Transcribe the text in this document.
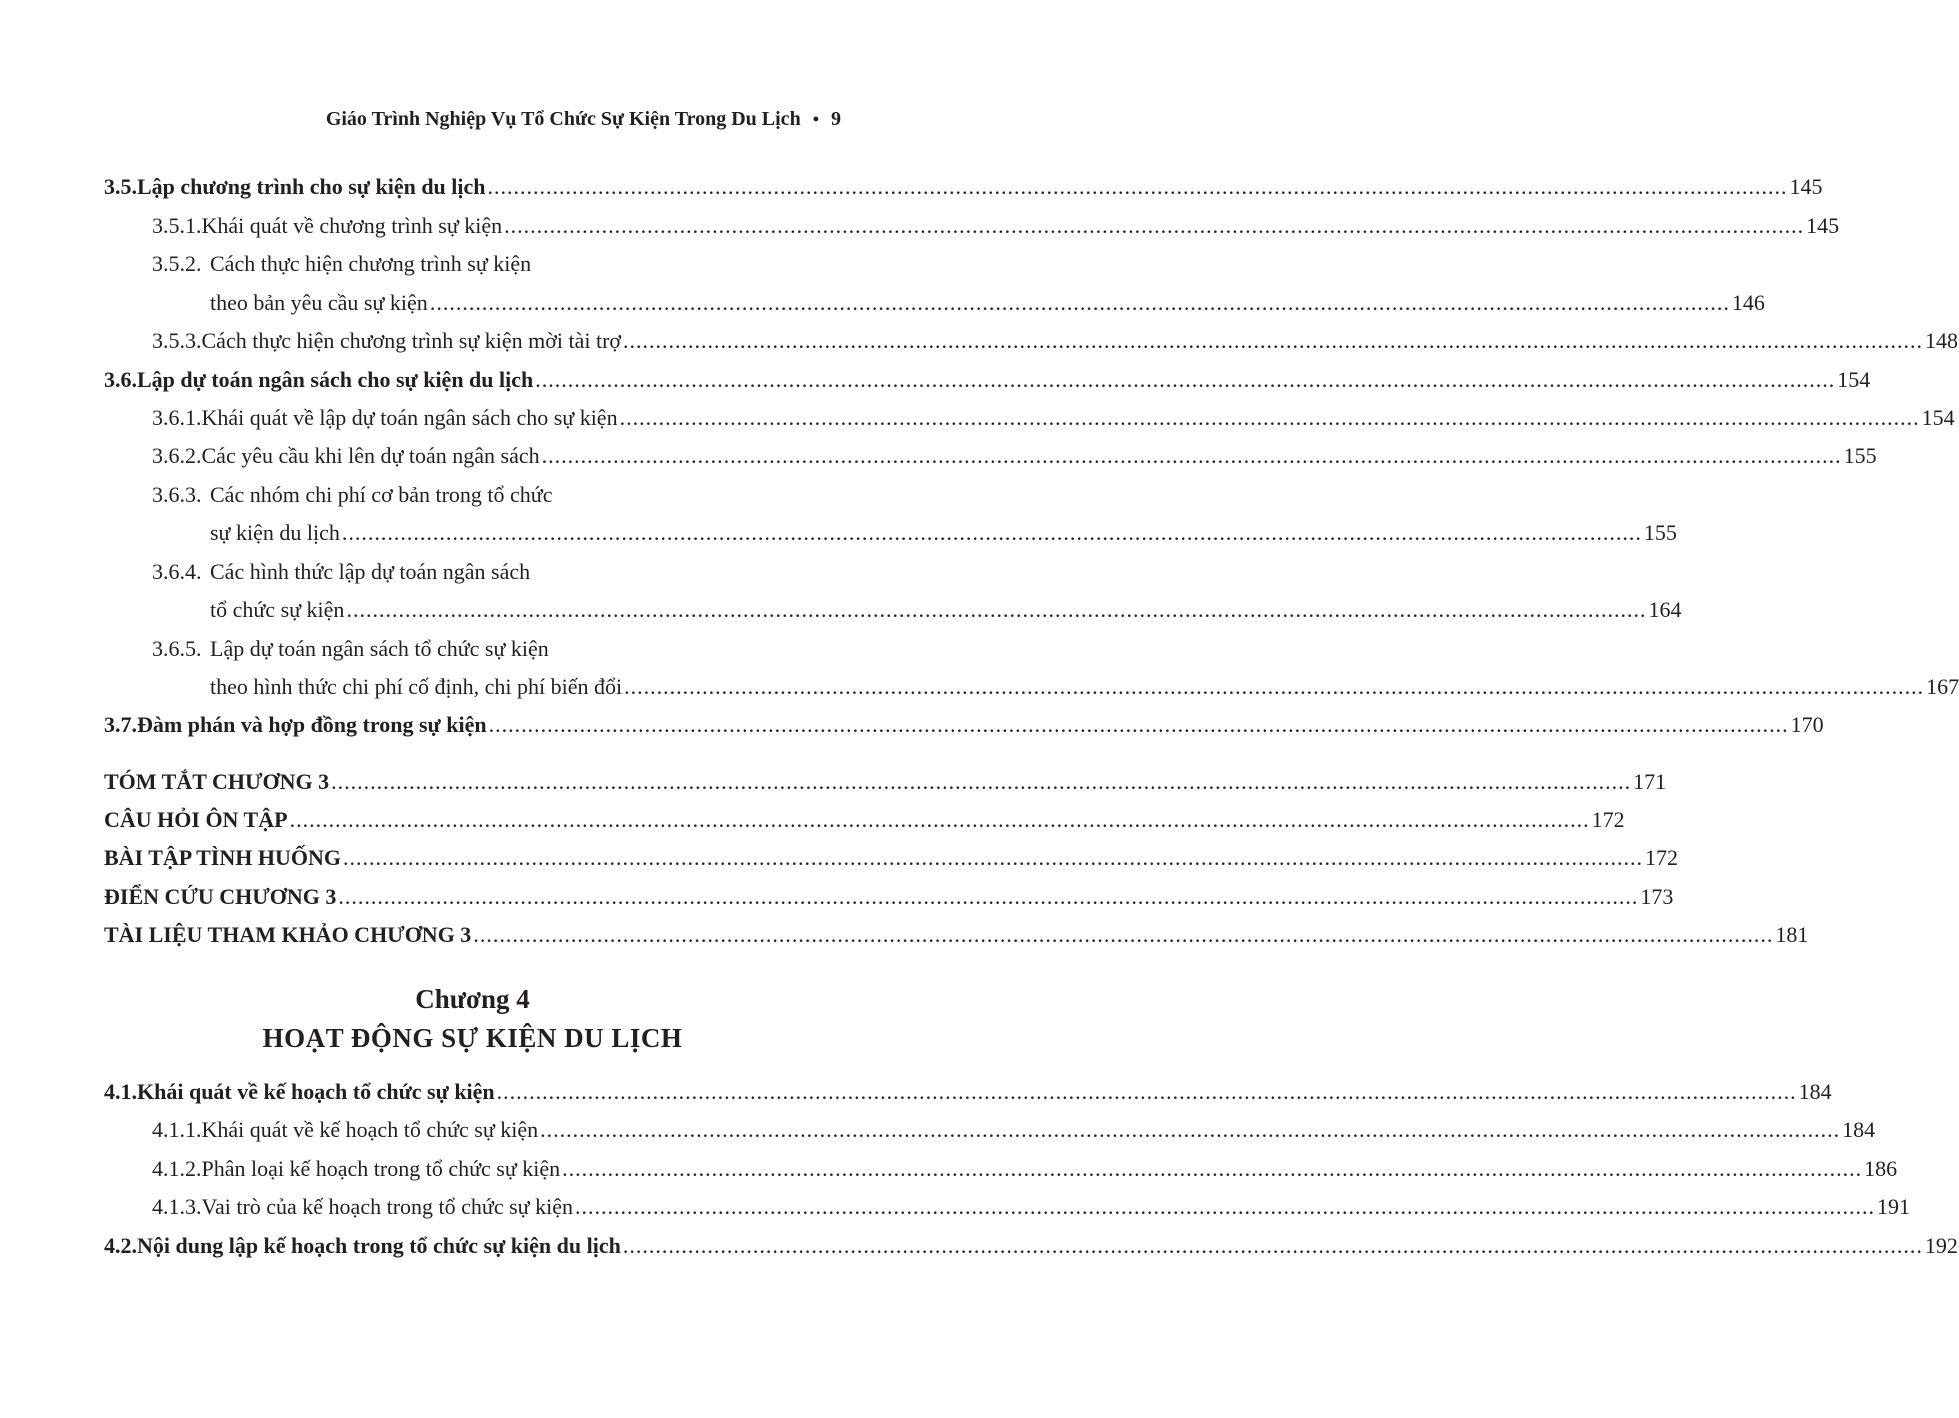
Giáo Trình Nghiệp Vụ Tổ Chức Sự Kiện Trong Du Lịch • 9
3.5. Lập chương trình cho sự kiện du lịch .....	145
3.5.1. Khái quát về chương trình sự kiện .....	145
3.5.2. Cách thực hiện chương trình sự kiện
theo bản yêu cầu sự kiện .....	146
3.5.3. Cách thực hiện chương trình sự kiện mời tài trợ .....	148
3.6. Lập dự toán ngân sách cho sự kiện du lịch .....	154
3.6.1. Khái quát về lập dự toán ngân sách cho sự kiện .....	154
3.6.2. Các yêu cầu khi lên dự toán ngân sách .....	155
3.6.3. Các nhóm chi phí cơ bản trong tổ chức
sự kiện du lịch .....	155
3.6.4. Các hình thức lập dự toán ngân sách
tổ chức sự kiện .....	164
3.6.5. Lập dự toán ngân sách tổ chức sự kiện
theo hình thức chi phí cố định, chi phí biến đổi .....	167
3.7. Đàm phán và hợp đồng trong sự kiện .....	170
TÓM TẮT CHƯƠNG 3 .....	171
CÂU HỎI ÔN TẬP .....	172
BÀI TẬP TÌNH HUỐNG .....	172
ĐIỂN CỨU CHƯƠNG 3 .....	173
TÀI LIỆU THAM KHẢO CHƯƠNG 3 .....	181
Chương 4
HOẠT ĐỘNG SỰ KIỆN DU LỊCH
4.1. Khái quát về kế hoạch tổ chức sự kiện .....	184
4.1.1. Khái quát về kế hoạch tổ chức sự kiện .....	184
4.1.2. Phân loại kế hoạch trong tổ chức sự kiện .....	186
4.1.3. Vai trò của kế hoạch trong tổ chức sự kiện .....	191
4.2. Nội dung lập kế hoạch trong tổ chức sự kiện du lịch .....	192
